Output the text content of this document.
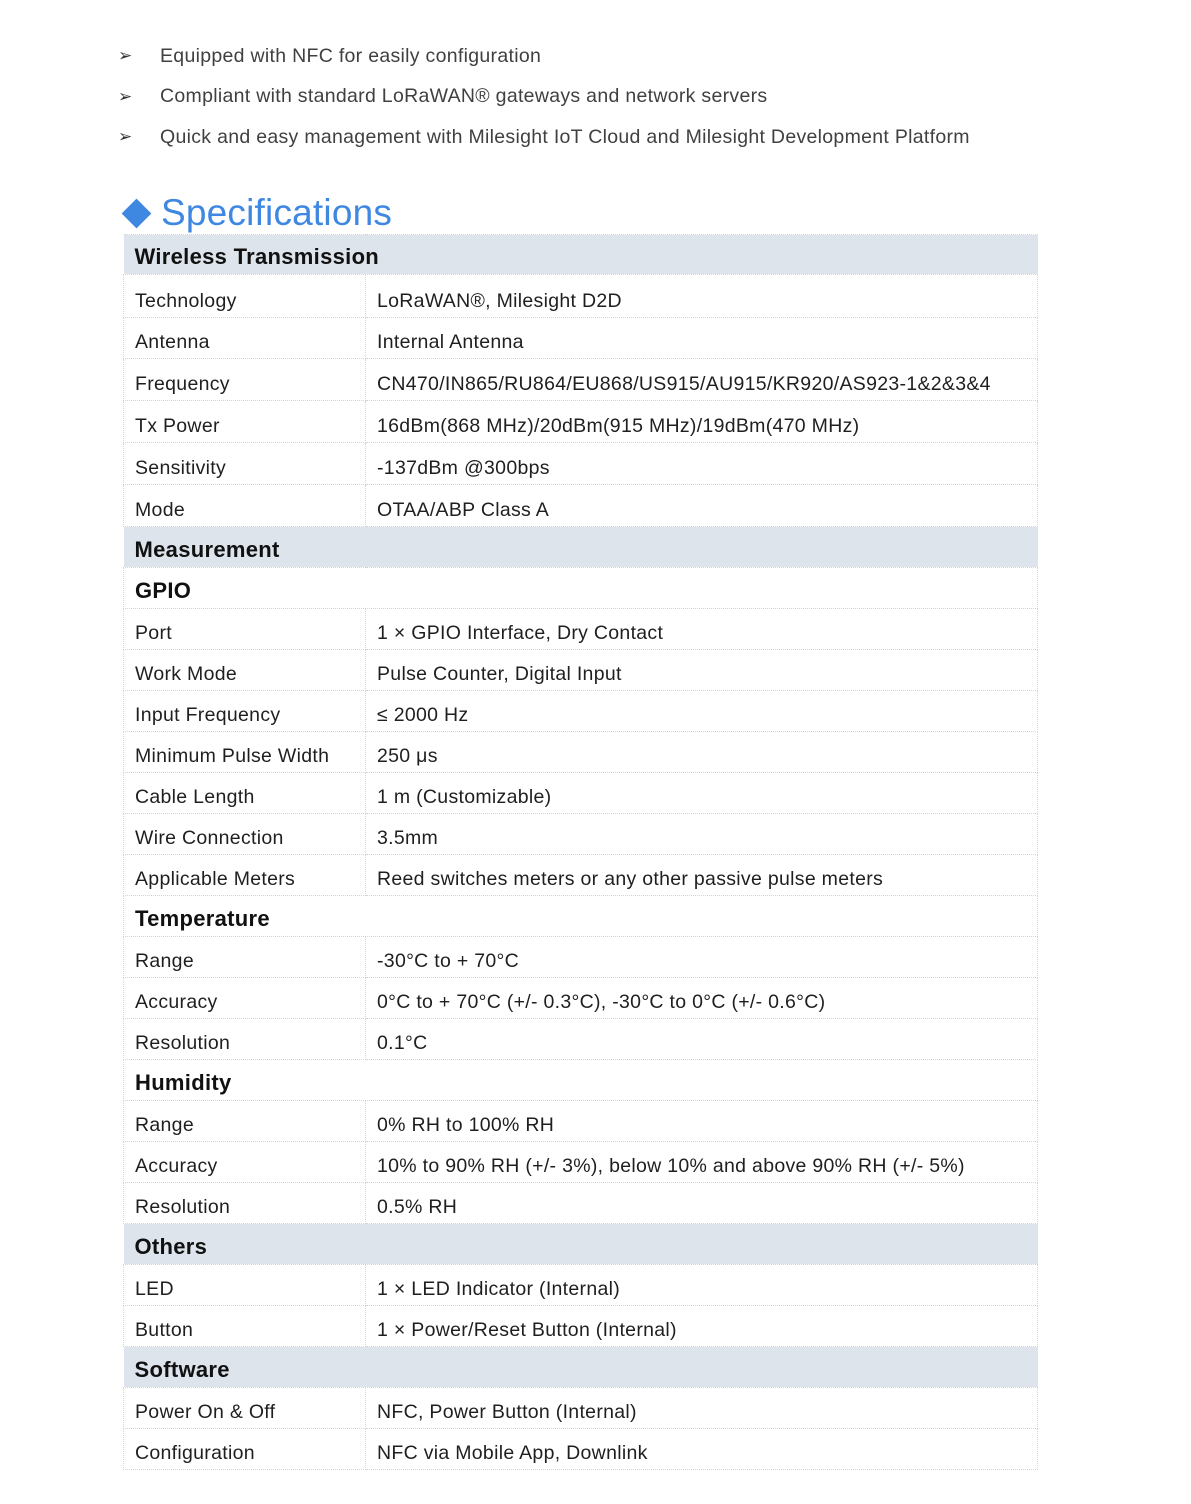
➢	Equipped with NFC for easily configuration
➢	Compliant with standard LoRaWAN® gateways and network servers
➢	Quick and easy management with Milesight IoT Cloud and Milesight Development Platform
Specifications
Wireless Transmission	
Technology	LoRaWAN®, Milesight D2D
Antenna	Internal Antenna
Frequency	CN470/IN865/RU864/EU868/US915/AU915/KR920/AS923-1&2&3&4
Tx Power	16dBm(868 MHz)/20dBm(915 MHz)/19dBm(470 MHz)
Sensitivity	-137dBm @300bps
Mode	OTAA/ABP Class A
Measurement	
GPIO	
Port	1 × GPIO Interface, Dry Contact
Work Mode	Pulse Counter, Digital Input
Input Frequency	≤ 2000 Hz
Minimum Pulse Width	250 μs
Cable Length	1 m (Customizable)
Wire Connection	3.5mm
Applicable Meters	Reed switches meters or any other passive pulse meters
Temperature	
Range	-30°C to + 70°C
Accuracy	0°C to + 70°C (+/- 0.3°C), -30°C to 0°C (+/- 0.6°C)
Resolution	0.1°C
Humidity	
Range	0% RH to 100% RH
Accuracy	10% to 90% RH (+/- 3%), below 10% and above 90% RH (+/- 5%)
Resolution	0.5% RH
Others	
LED	1 × LED Indicator (Internal)
Button	1 × Power/Reset Button (Internal)
Software	
Power On & Off	NFC, Power Button (Internal)
Configuration	NFC via Mobile App, Downlink
